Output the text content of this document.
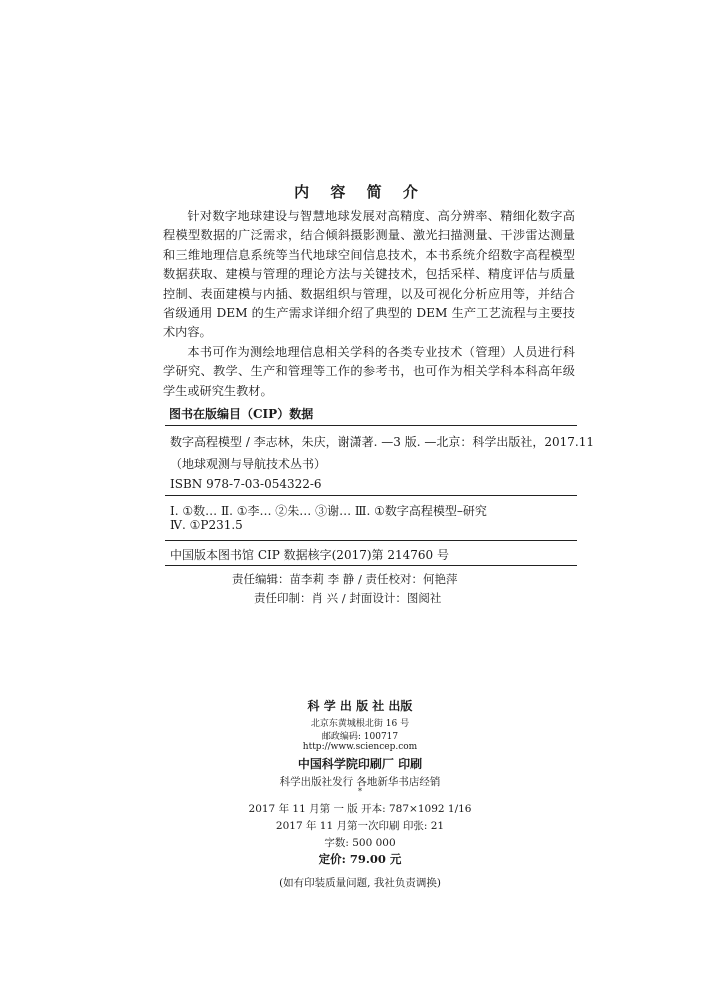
内 容 简 介

针对数字地球建设与智慧地球发展对高精度、高分辨率、精细化数字高程模型数据的广泛需求，结合倾斜摄影测量、激光扫描测量、干涉雷达测量和三维地理信息系统等当代地球空间信息技术，本书系统介绍数字高程模型数据获取、建模与管理的理论方法与关键技术，包括采样、精度评估与质量控制、表面建模与内插、数据组织与管理，以及可视化分析应用等，并结合省级通用 DEM 的生产需求详细介绍了典型的 DEM 生产工艺流程与主要技术内容。

本书可作为测绘地理信息相关学科的各类专业技术（管理）人员进行科学研究、教学、生产和管理等工作的参考书，也可作为相关学科本科高年级学生或研究生教材。

图书在版编目（CIP）数据
数字高程模型 / 李志林，朱庆，谢潇著. —3 版. —北京：科学出版社，2017.11
（地球观测与导航技术丛书）
ISBN 978-7-03-054322-6
Ⅰ. ①数… Ⅱ. ①李… ②朱… ③谢… Ⅲ. ①数字高程模型–研究
Ⅳ. ①P231.5
中国版本图书馆 CIP 数据核字(2017)第 214760 号
责任编辑：苗李莉 李 静 / 责任校对：何艳萍
责任印制：肖 兴 / 封面设计：图阅社
科 学 出 版 社 出版
北京东黄城根北街 16 号
邮政编码: 100717
http://www.sciencep.com
中国科学院印刷厂 印刷
科学出版社发行 各地新华书店经销
*
2017 年 11 月第 一 版 开本: 787×1092 1/16
2017 年 11 月第一次印刷 印张: 21
字数: 500 000
定价: 79.00 元
(如有印装质量问题, 我社负责调换)
